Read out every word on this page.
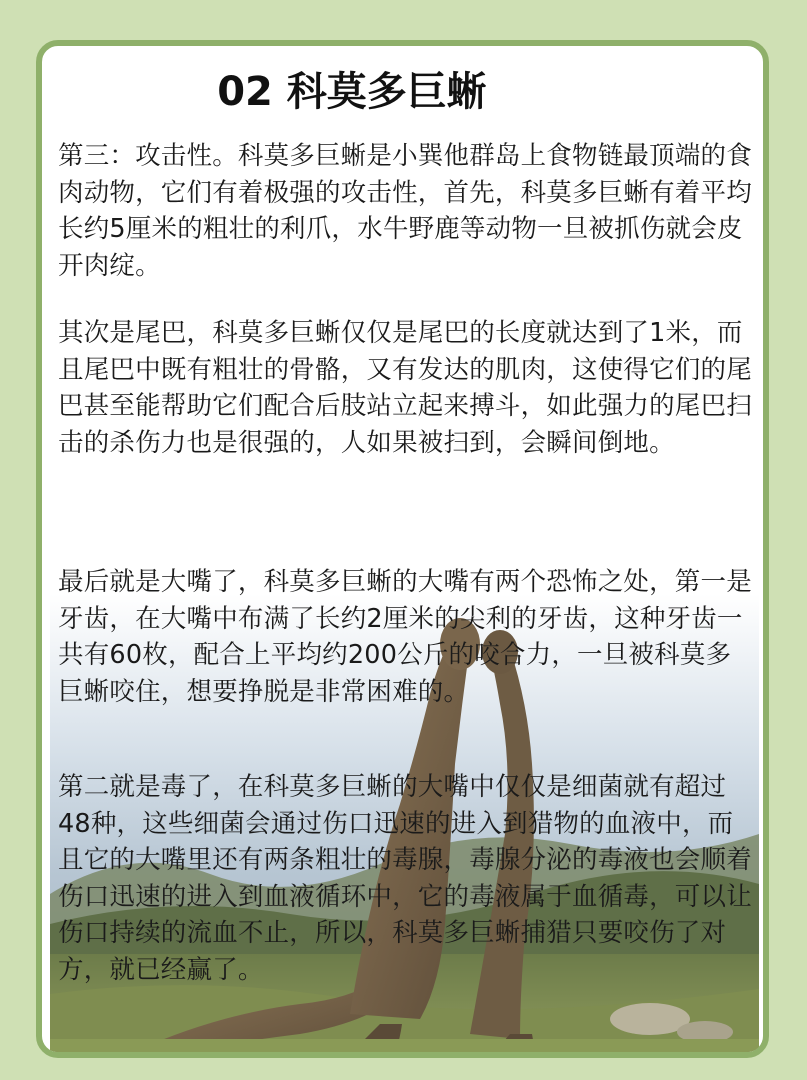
02 科莫多巨蜥

第三：攻击性。科莫多巨蜥是小巽他群岛上食物链最顶端的食肉动物，它们有着极强的攻击性，首先，科莫多巨蜥有着平均长约5厘米的粗壮的利爪，水牛野鹿等动物一旦被抓伤就会皮开肉绽。

其次是尾巴，科莫多巨蜥仅仅是尾巴的长度就达到了1米，而且尾巴中既有粗壮的骨骼，又有发达的肌肉，这使得它们的尾巴甚至能帮助它们配合后肢站立起来搏斗，如此强力的尾巴扫击的杀伤力也是很强的，人如果被扫到，会瞬间倒地。

最后就是大嘴了，科莫多巨蜥的大嘴有两个恐怖之处，第一是牙齿，在大嘴中布满了长约2厘米的尖利的牙齿，这种牙齿一共有60枚，配合上平均约200公斤的咬合力，一旦被科莫多巨蜥咬住，想要挣脱是非常困难的。

第二就是毒了，在科莫多巨蜥的大嘴中仅仅是细菌就有超过48种，这些细菌会通过伤口迅速的进入到猎物的血液中，而且它的大嘴里还有两条粗壮的毒腺，毒腺分泌的毒液也会顺着伤口迅速的进入到血液循环中，它的毒液属于血循毒，可以让伤口持续的流血不止，所以，科莫多巨蜥捕猎只要咬伤了对方，就已经赢了。
